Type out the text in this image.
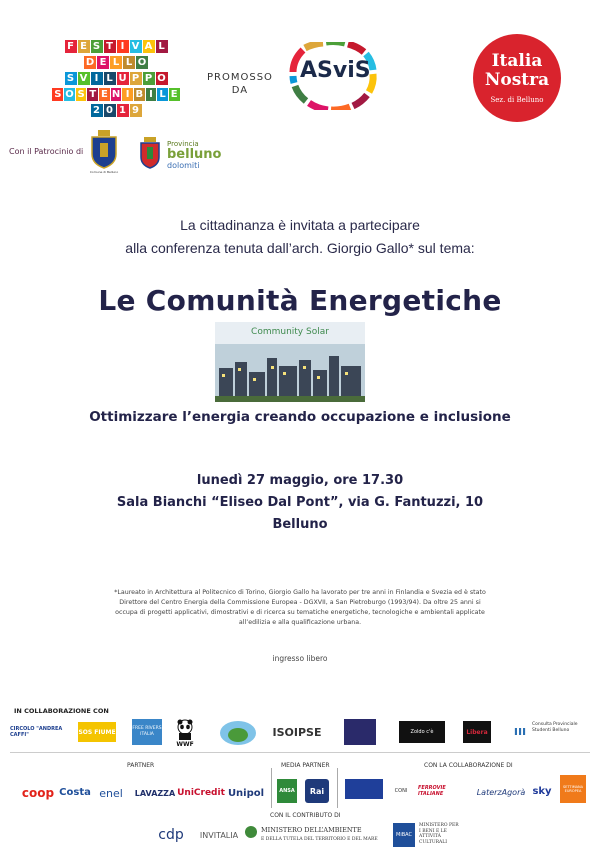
F E S T I V A L
D E L L O
S V I L U P P O
S O S T E N I B I L E
2 0 1 9
PROMOSSO
DA
ASviS	Italia
Nostra
Sez. di Belluno
Con il Patrocinio di
Comune di Belluno
Provincia
belluno
dolomiti
La cittadinanza è invitata a partecipare
alla conferenza tenuta dall’arch. Giorgio Gallo* sul tema:
Le Comunità Energetiche
Community Solar
Ottimizzare l’energia creando occupazione e inclusione
lunedì 27 maggio, ore 17.30
Sala Bianchi “Eliseo Dal Pont”, via G. Fantuzzi, 10
Belluno
*Laureato in Architettura al Politecnico di Torino, Giorgio Gallo ha lavorato per tre anni in Finlandia e Svezia ed è stato Direttore del Centro Energia della Commissione Europea - DGXVII, a San Pietroburgo (1993/94). Da oltre 25 anni si occupa di progetti applicativi, dimostrativi e di ricerca su tematiche energetiche, tecnologiche e ambientali applicate all’edilizia e alla qualificazione urbana.
ingresso libero
IN COLLABORAZIONE CON
CIRCOLO "ANDREA CAFFI"	SOS FIUME	FREE RIVERS ITALIA
WWF
ISOIPSE	Zoldo c'è	Libera	ııı	Consulta Provinciale Studenti Belluno
PARTNER	MEDIA PARTNER	CON LA COLLABORAZIONE DI
coop Costa enel	LAVAZZA UniCredit Unipol	ANSA	Rai	CONI	FERROVIE ITALIANE	LaterzAgorà sky	SETTIMANA EUROPEA
CON IL CONTRIBUTO DI
cdp	INVITALIA
MINISTERO DELL’AMBIENTE
E DELLA TUTELA DEL TERRITORIO E DEL MARE
MiBAC
MINISTERO PER I BENI E LE ATTIVITÀ CULTURALI
